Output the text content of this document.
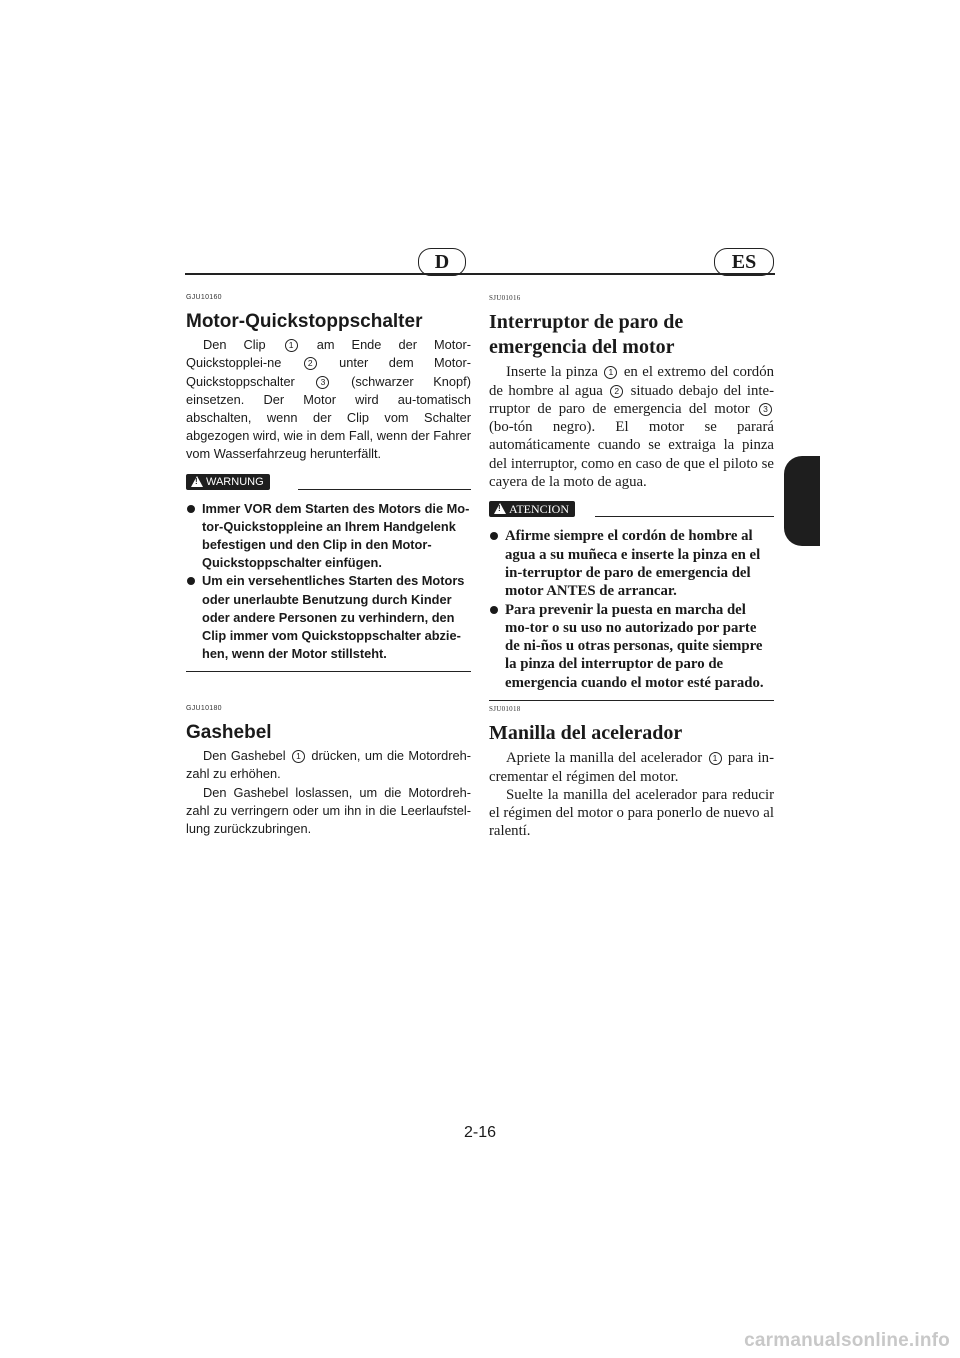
D	ES
GJU10160
Motor-Quickstoppschalter

Den Clip	1 am Ende der Motor-Quickstopplei-ne	2 unter dem Motor-Quickstoppschalter	3 (schwarzer Knopf) einsetzen. Der Motor wird au-tomatisch abschalten, wenn der Clip vom Schalter abgezogen wird, wie in dem Fall, wenn der Fahrer vom Wasserfahrzeug herunterfällt.

!
WARNUNG
Immer VOR dem Starten des Motors die Mo-tor-Quickstoppleine an Ihrem Handgelenk befestigen und den Clip in den Motor-Quickstoppschalter einfügen.
Um ein versehentliches Starten des Motors oder unerlaubte Benutzung durch Kinder oder andere Personen zu verhindern, den Clip immer vom Quickstoppschalter abzie-hen, wenn der Motor stillsteht.
GJU10180
Gashebel

Den Gashebel 1 drücken, um die Motordreh-zahl zu erhöhen.

Den Gashebel loslassen, um die Motordreh-zahl zu verringern oder um ihn in die Leerlaufstel-lung zurückzubringen.

SJU01016
Interruptor de paro de
emergencia del motor

Inserte la pinza 1 en el extremo del cordón de hombre al agua 2 situado debajo del inte-rruptor de paro de emergencia del motor 3 (bo-tón negro). El motor se parará automáticamente cuando se extraiga la pinza del interruptor, como en caso de que el piloto se cayera de la moto de agua.

!
ATENCION
Afirme siempre el cordón de hombre al agua a su muñeca e inserte la pinza en el in-terruptor de paro de emergencia del motor ANTES de arrancar.
Para prevenir la puesta en marcha del mo-tor o su uso no autorizado por parte de ni-ños u otras personas, quite siempre la pinza del interruptor de paro de emergencia cuando el motor esté parado.
SJU01018
Manilla del acelerador

Apriete la manilla del acelerador 1 para in-crementar el régimen del motor.

Suelte la manilla del acelerador para reducir el régimen del motor o para ponerlo de nuevo al ralentí.

2-16
carmanualsonline.info
